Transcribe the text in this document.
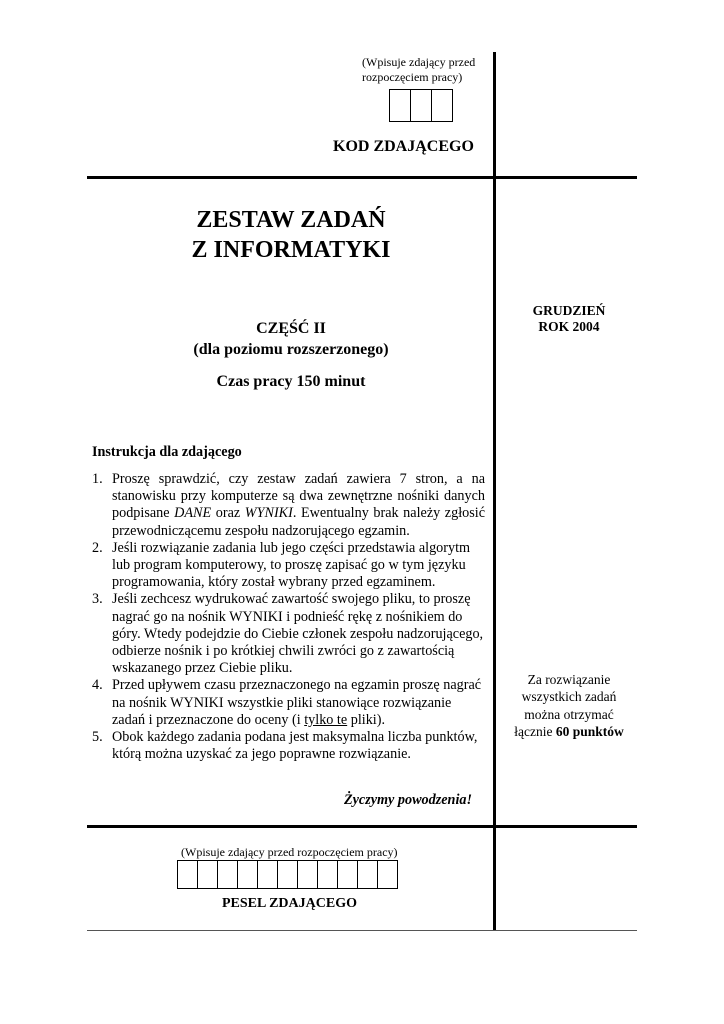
(Wpisuje zdający przed
rozpoczęciem pracy)
KOD ZDAJĄCEGO
ZESTAW ZADAŃ
Z INFORMATYKI
CZĘŚĆ II
(dla poziomu rozszerzonego)
Czas pracy 150 minut
GRUDZIEŃ
ROK 2004
Instrukcja dla zdającego
1. Proszę sprawdzić, czy zestaw zadań zawiera 7 stron, a na stanowisku przy komputerze są dwa zewnętrzne nośniki danych podpisane DANE oraz WYNIKI. Ewentualny brak należy zgłosić przewodniczącemu zespołu nadzorującego egzamin.
2. Jeśli rozwiązanie zadania lub jego części przedstawia algorytm lub program komputerowy, to proszę zapisać go w tym języku programowania, który został wybrany przed egzaminem.
3. Jeśli zechcesz wydrukować zawartość swojego pliku, to proszę nagrać go na nośnik WYNIKI i podnieść rękę z nośnikiem do góry. Wtedy podejdzie do Ciebie członek zespołu nadzorującego, odbierze nośnik i po krótkiej chwili zwróci go z zawartością wskazanego przez Ciebie pliku.
4. Przed upływem czasu przeznaczonego na egzamin proszę nagrać na nośnik WYNIKI wszystkie pliki stanowiące rozwiązanie zadań i przeznaczone do oceny (i tylko te pliki).
5. Obok każdego zadania podana jest maksymalna liczba punktów, którą można uzyskać za jego poprawne rozwiązanie.
Życzymy powodzenia!
Za rozwiązanie
wszystkich zadań
można otrzymać
łącznie 60 punktów
(Wpisuje zdający przed rozpoczęciem pracy)
PESEL ZDAJĄCEGO
